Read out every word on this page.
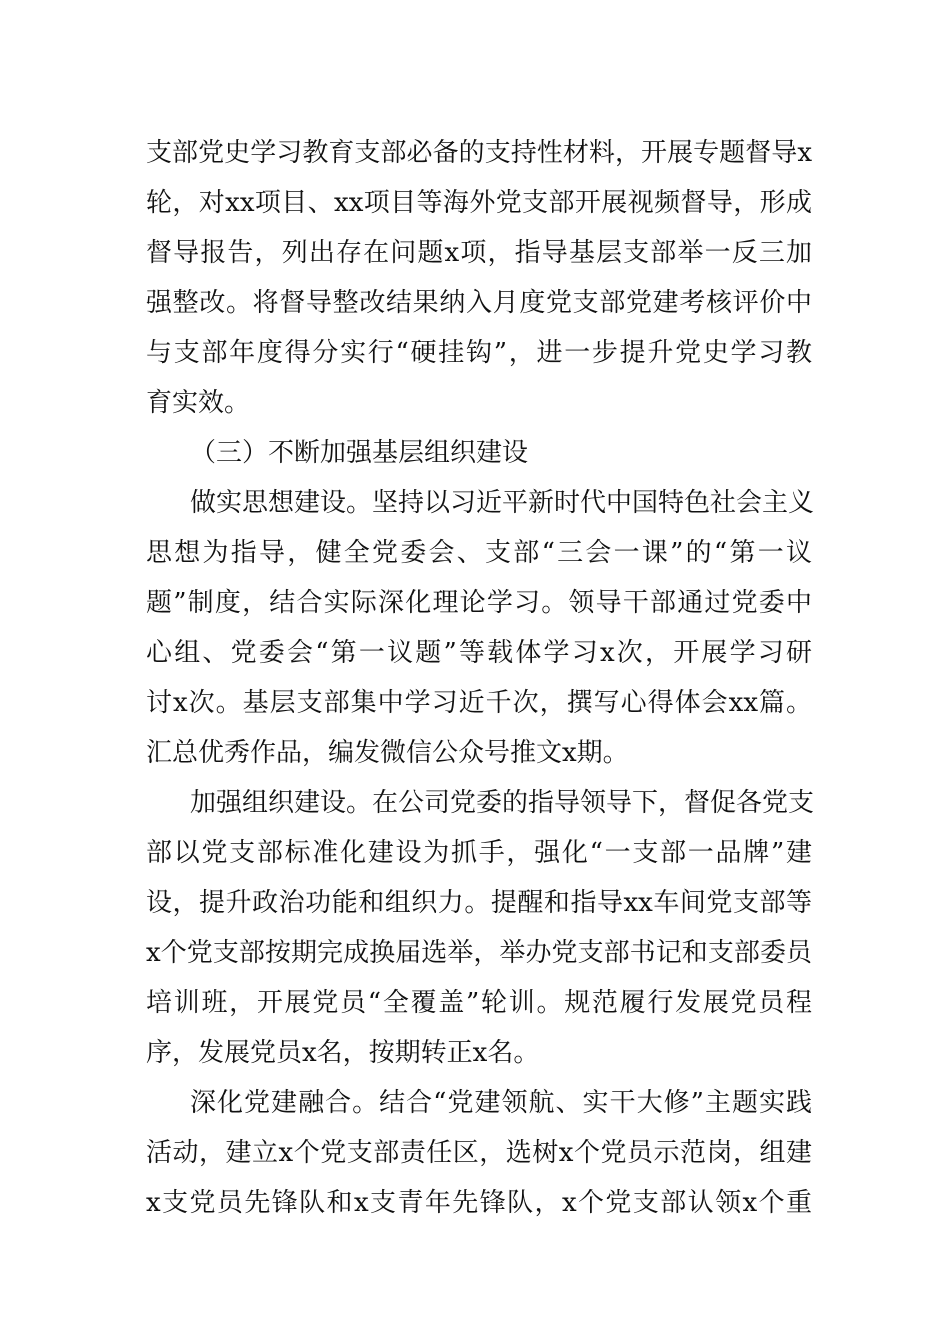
支部党史学习教育支部必备的支持性材料，开展专题督导x
轮，对xx项目、xx项目等海外党支部开展视频督导，形成
督导报告，列出存在问题x项，指导基层支部举一反三加
强整改。将督导整改结果纳入月度党支部党建考核评价中
与支部年度得分实行“硬挂钩”，进一步提升党史学习教
育实效。
（三）不断加强基层组织建设
做实思想建设。坚持以习近平新时代中国特色社会主义
思想为指导，健全党委会、支部“三会一课”的“第一议
题”制度，结合实际深化理论学习。领导干部通过党委中
心组、党委会“第一议题”等载体学习x次，开展学习研
讨x次。基层支部集中学习近千次，撰写心得体会xx篇。
汇总优秀作品，编发微信公众号推文x期。
加强组织建设。在公司党委的指导领导下，督促各党支
部以党支部标准化建设为抓手，强化“一支部一品牌”建
设，提升政治功能和组织力。提醒和指导xx车间党支部等
x个党支部按期完成换届选举，举办党支部书记和支部委员
培训班，开展党员“全覆盖”轮训。规范履行发展党员程
序，发展党员x名，按期转正x名。
深化党建融合。结合“党建领航、实干大修”主题实践
活动，建立x个党支部责任区，选树x个党员示范岗，组建
x支党员先锋队和x支青年先锋队，x个党支部认领x个重
